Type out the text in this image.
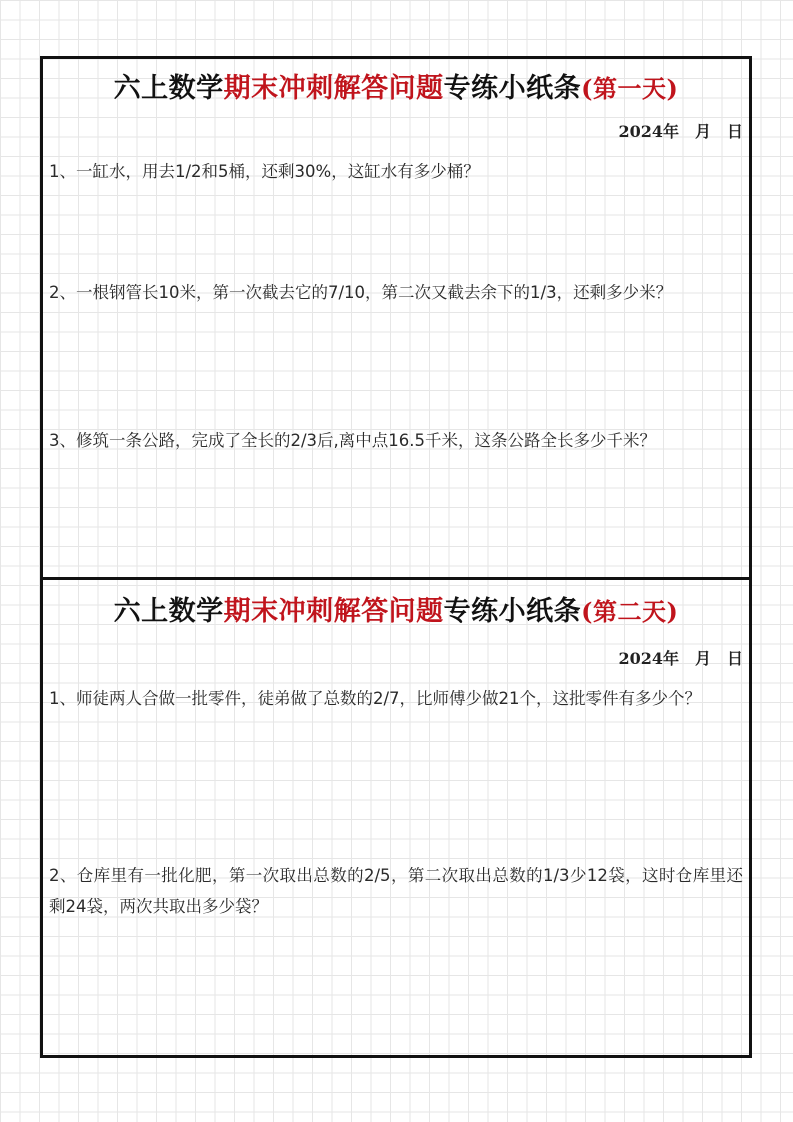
六上数学期末冲刺解答问题专练小纸条(第一天)
2024年　月　日

1、一缸水，用去1/2和5桶，还剩30%，这缸水有多少桶？

2、一根钢管长10米，第一次截去它的7/10，第二次又截去余下的1/3，还剩多少米？

3、修筑一条公路，完成了全长的2/3后,离中点16.5千米，这条公路全长多少千米？

六上数学期末冲刺解答问题专练小纸条(第二天)
2024年　月　日

1、师徒两人合做一批零件，徒弟做了总数的2/7，比师傅少做21个，这批零件有多少个？

2、仓库里有一批化肥，第一次取出总数的2/5，第二次取出总数的1/3少12袋，这时仓库里还剩24袋，两次共取出多少袋？
